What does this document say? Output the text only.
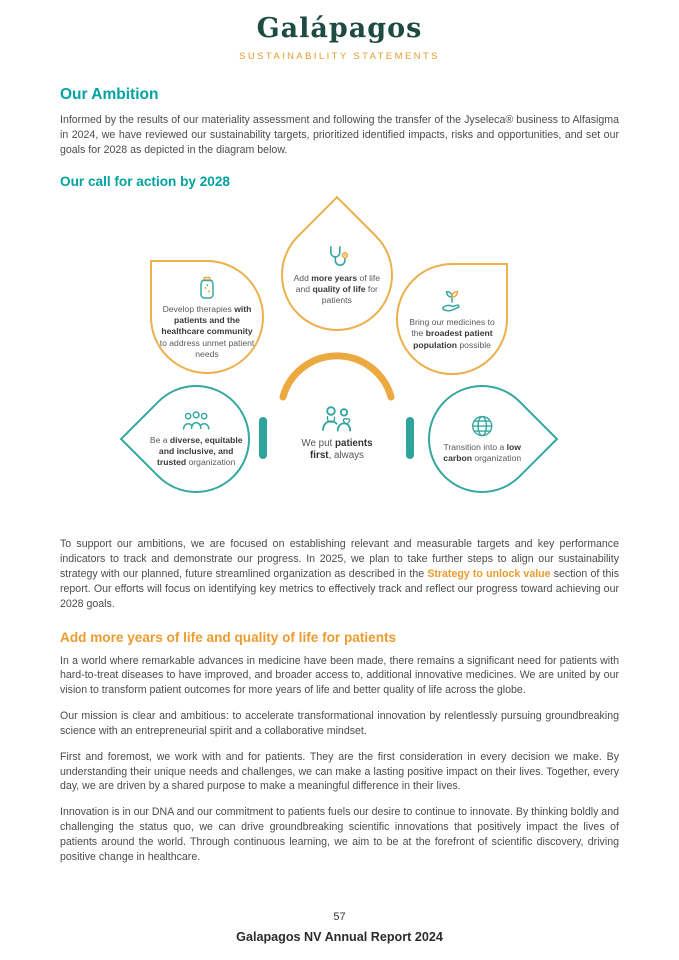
Galápagos
SUSTAINABILITY STATEMENTS
Our Ambition

Informed by the results of our materiality assessment and following the transfer of the Jyseleca® business to Alfasigma in 2024, we have reviewed our sustainability targets, prioritized identified impacts, risks and opportunities, and set our goals for 2028 as depicted in the diagram below.

Our call for action by 2028
Add more years of life and quality of life for patients
Develop therapies with patients and the healthcare community to address unmet patient needs
Bring our medicines to the broadest patient population possible
Be a diverse, equitable and inclusive, and trusted organization
Transition into a low carbon organization
We put patients first, always

To support our ambitions, we are focused on establishing relevant and measurable targets and key performance indicators to track and demonstrate our progress. In 2025, we plan to take further steps to align our sustainability strategy with our planned, future streamlined organization as described in the Strategy to unlock value section of this report. Our efforts will focus on identifying key metrics to effectively track and reflect our progress toward achieving our 2028 goals.

Add more years of life and quality of life for patients

In a world where remarkable advances in medicine have been made, there remains a significant need for patients with hard-to-treat diseases to have improved, and broader access to, additional innovative medicines. We are united by our vision to transform patient outcomes for more years of life and better quality of life across the globe.

Our mission is clear and ambitious: to accelerate transformational innovation by relentlessly pursuing groundbreaking science with an entrepreneurial spirit and a collaborative mindset.

First and foremost, we work with and for patients. They are the first consideration in every decision we make. By understanding their unique needs and challenges, we can make a lasting positive impact on their lives. Together, every day, we are driven by a shared purpose to make a meaningful difference in their lives.

Innovation is in our DNA and our commitment to patients fuels our desire to continue to innovate. By thinking boldly and challenging the status quo, we can drive groundbreaking scientific innovations that positively impact the lives of patients around the world. Through continuous learning, we aim to be at the forefront of scientific discovery, driving positive change in healthcare.

57
Galapagos NV Annual Report 2024
